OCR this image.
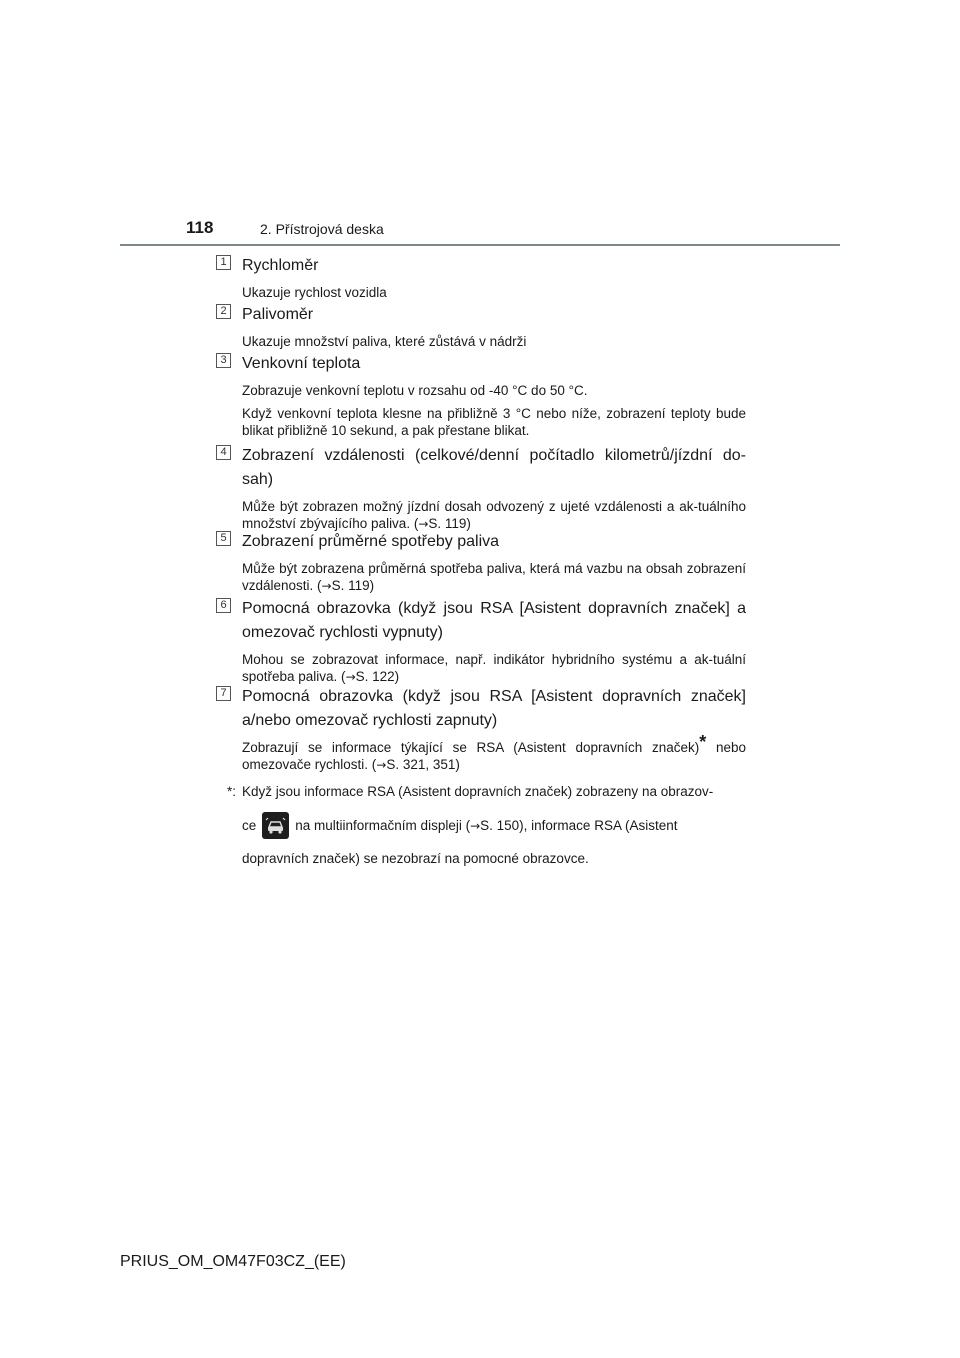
118	2. Přístrojová deska
1 Rychloměr

Ukazuje rychlost vozidla

2 Palivoměr

Ukazuje množství paliva, které zůstává v nádrži

3 Venkovní teplota

Zobrazuje venkovní teplotu v rozsahu od -40 °C do 50 °C.

Když venkovní teplota klesne na přibližně 3 °C nebo níže, zobrazení teploty bude blikat přibližně 10 sekund, a pak přestane blikat.

4 Zobrazení vzdálenosti (celkové/denní počítadlo kilometrů/jízdní do-sah)

Může být zobrazen možný jízdní dosah odvozený z ujeté vzdálenosti a ak-tuálního množství zbývajícího paliva. (→S. 119)

5 Zobrazení průměrné spotřeby paliva

Může být zobrazena průměrná spotřeba paliva, která má vazbu na obsah zobrazení vzdálenosti. (→S. 119)

6 Pomocná obrazovka (když jsou RSA [Asistent dopravních značek] a omezovač rychlosti vypnuty)

Mohou se zobrazovat informace, např. indikátor hybridního systému a ak-tuální spotřeba paliva. (→S. 122)

7 Pomocná obrazovka (když jsou RSA [Asistent dopravních značek] a/nebo omezovač rychlosti zapnuty)

Zobrazují se informace týkající se RSA (Asistent dopravních značek)* nebo omezovače rychlosti. (→S. 321, 351)

*: Když jsou informace RSA (Asistent dopravních značek) zobrazeny na obrazov-
ce	na multiinformačním displeji ( → S. 150), informace RSA (Asistent
dopravních značek) se nezobrazí na pomocné obrazovce.
PRIUS_OM_OM47F03CZ_(EE)
